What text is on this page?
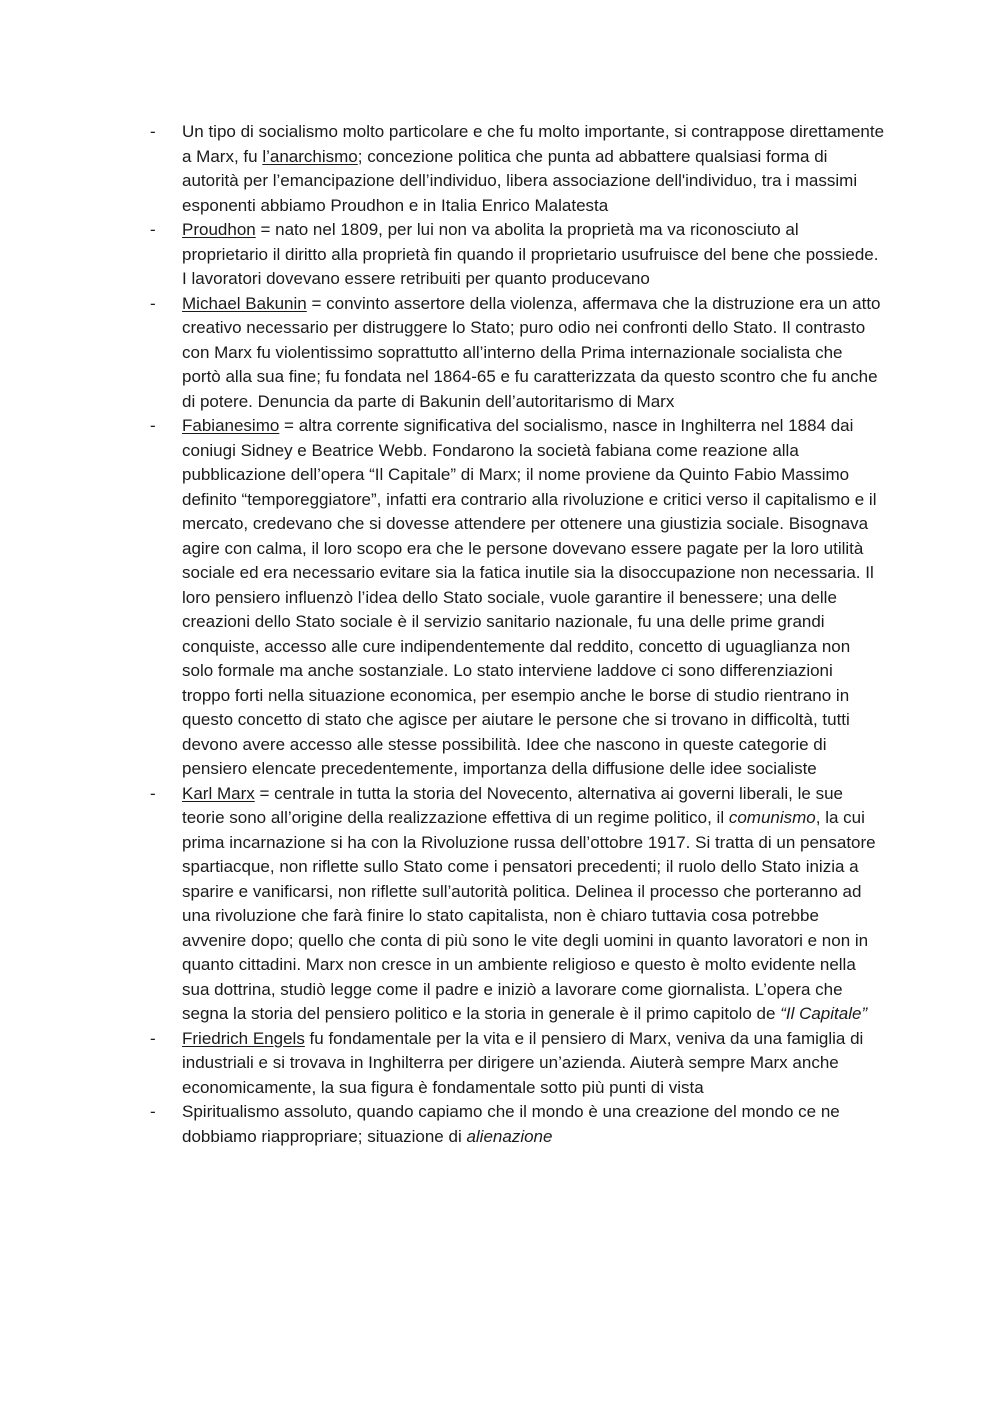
- Un tipo di socialismo molto particolare e che fu molto importante, si contrappose direttamente a Marx, fu l’anarchismo; concezione politica che punta ad abbattere qualsiasi forma di autorità per l’emancipazione dell’individuo, libera associazione dell'individuo, tra i massimi esponenti abbiamo Proudhon e in Italia Enrico Malatesta
- Proudhon = nato nel 1809, per lui non va abolita la proprietà ma va riconosciuto al proprietario il diritto alla proprietà fin quando il proprietario usufruisce del bene che possiede. I lavoratori dovevano essere retribuiti per quanto producevano
- Michael Bakunin = convinto assertore della violenza, affermava che la distruzione era un atto creativo necessario per distruggere lo Stato; puro odio nei confronti dello Stato. Il contrasto con Marx fu violentissimo soprattutto all’interno della Prima internazionale socialista che portò alla sua fine; fu fondata nel 1864-65 e fu caratterizzata da questo scontro che fu anche di potere. Denuncia da parte di Bakunin dell’autoritarismo di Marx
- Fabianesimo = altra corrente significativa del socialismo, nasce in Inghilterra nel 1884 dai coniugi Sidney e Beatrice Webb. Fondarono la società fabiana come reazione alla pubblicazione dell’opera “Il Capitale” di Marx; il nome proviene da Quinto Fabio Massimo definito “temporeggiatore”, infatti era contrario alla rivoluzione e critici verso il capitalismo e il mercato, credevano che si dovesse attendere per ottenere una giustizia sociale. Bisognava agire con calma, il loro scopo era che le persone dovevano essere pagate per la loro utilità sociale ed era necessario evitare sia la fatica inutile sia la disoccupazione non necessaria. Il loro pensiero influenzò l’idea dello Stato sociale, vuole garantire il benessere; una delle creazioni dello Stato sociale è il servizio sanitario nazionale, fu una delle prime grandi conquiste, accesso alle cure indipendentemente dal reddito, concetto di uguaglianza non solo formale ma anche sostanziale. Lo stato interviene laddove ci sono differenziazioni troppo forti nella situazione economica, per esempio anche le borse di studio rientrano in questo concetto di stato che agisce per aiutare le persone che si trovano in difficoltà, tutti devono avere accesso alle stesse possibilità. Idee che nascono in queste categorie di pensiero elencate precedentemente, importanza della diffusione delle idee socialiste
- Karl Marx = centrale in tutta la storia del Novecento, alternativa ai governi liberali, le sue teorie sono all’origine della realizzazione effettiva di un regime politico, il comunismo, la cui prima incarnazione si ha con la Rivoluzione russa dell’ottobre 1917. Si tratta di un pensatore spartiacque, non riflette sullo Stato come i pensatori precedenti; il ruolo dello Stato inizia a sparire e vanificarsi, non riflette sull’autorità politica. Delinea il processo che porteranno ad una rivoluzione che farà finire lo stato capitalista, non è chiaro tuttavia cosa potrebbe avvenire dopo; quello che conta di più sono le vite degli uomini in quanto lavoratori e non in quanto cittadini. Marx non cresce in un ambiente religioso e questo è molto evidente nella sua dottrina, studiò legge come il padre e iniziò a lavorare come giornalista. L’opera che segna la storia del pensiero politico e la storia in generale è il primo capitolo de “Il Capitale”
- Friedrich Engels fu fondamentale per la vita e il pensiero di Marx, veniva da una famiglia di industriali e si trovava in Inghilterra per dirigere un’azienda. Aiuterà sempre Marx anche economicamente, la sua figura è fondamentale sotto più punti di vista
- Spiritualismo assoluto, quando capiamo che il mondo è una creazione del mondo ce ne dobbiamo riappropriare; situazione di alienazione
